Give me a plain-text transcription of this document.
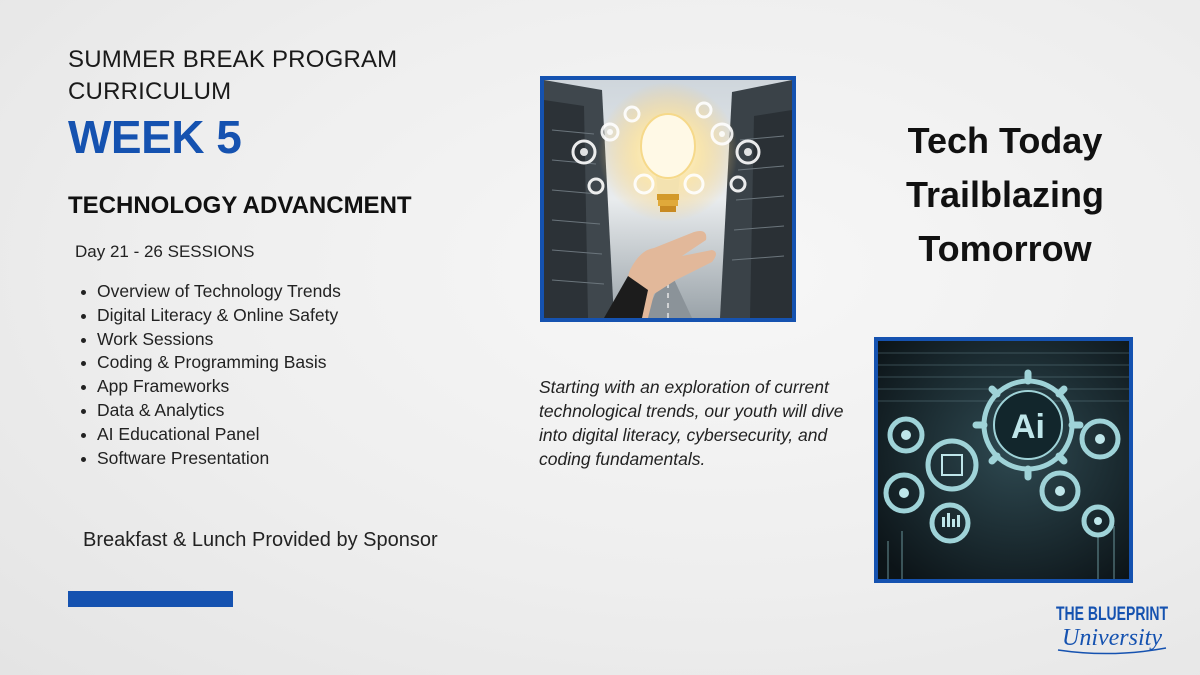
SUMMER BREAK PROGRAM
CURRICULUM
WEEK 5
TECHNOLOGY ADVANCMENT
Day 21 - 26 SESSIONS
Overview of Technology Trends
Digital Literacy & Online Safety
Work Sessions
Coding & Programming Basis
App Frameworks
Data & Analytics
AI Educational Panel
Software Presentation
Breakfast & Lunch Provided by Sponsor
Tech Today
Trailblazing
Tomorrow
Starting with an exploration of current technological trends, our youth will dive into digital literacy, cybersecurity, and coding fundamentals.
Ai
THE BLUEPRINT
University
